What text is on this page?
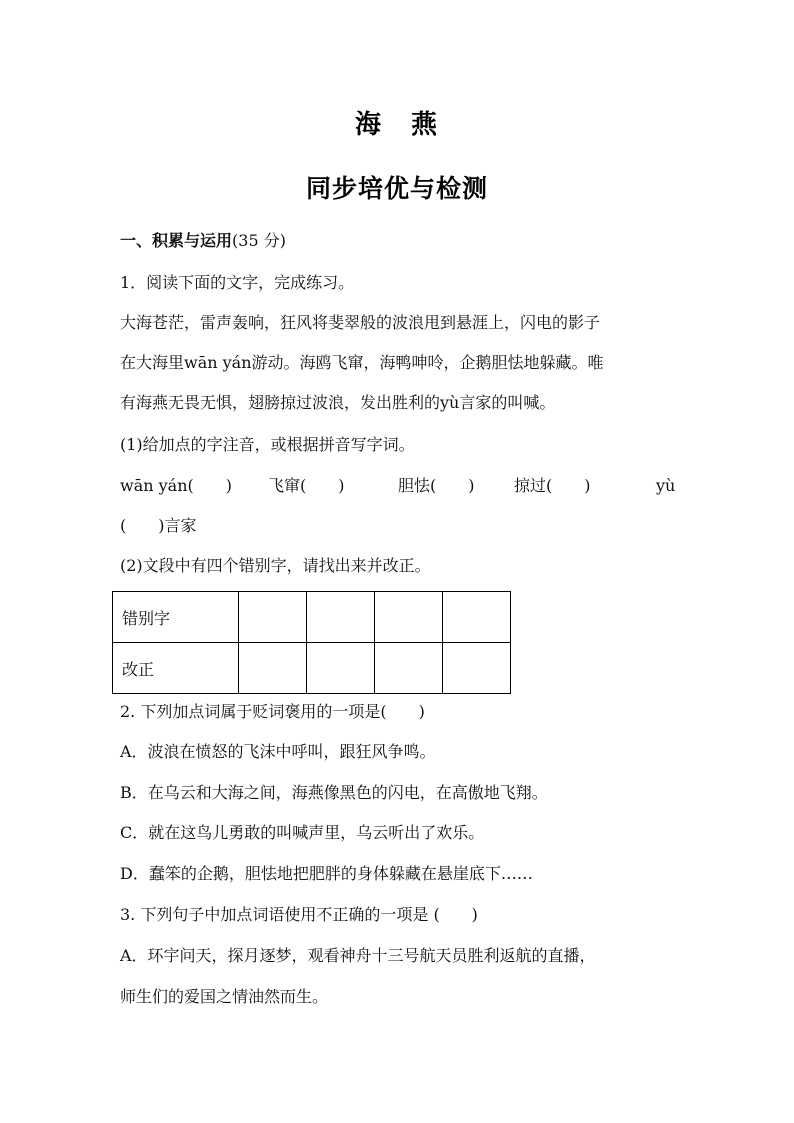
海 燕
同步培优与检测
一、积累与运用(35 分)
1．阅读下面的文字，完成练习。
大海苍茫，雷声轰响，狂风将斐翠般的波浪甩到悬涯上，闪电的影子
在大海里wān yán游动。海鸥飞窜，海鸭呻呤，企鹅胆怯地躲藏。唯
有海燕无畏无惧，翅膀掠过波浪，发出胜利的yù言家的叫喊。
(1)给加点的字注音，或根据拼音写字词。
wān yán(　　) 飞窜(　　)	胆怯(　　) 掠过(　　)	yù
(　　)言家
(2)文段中有四个错别字，请找出来并改正。
错别字				
改正				
2. 下列加点词属于贬词褒用的一项是(　　)
A．波浪在愤怒的飞沫中呼叫，跟狂风争鸣。
B．在乌云和大海之间，海燕像黑色的闪电，在高傲地飞翔。
C．就在这鸟儿勇敢的叫喊声里，乌云听出了欢乐。
D．蠢笨的企鹅，胆怯地把肥胖的身体躲藏在悬崖底下……
3. 下列句子中加点词语使用不正确的一项是 (　　)
A．环宇问天，探月逐梦，观看神舟十三号航天员胜利返航的直播，
师生们的爱国之情油然而生。
